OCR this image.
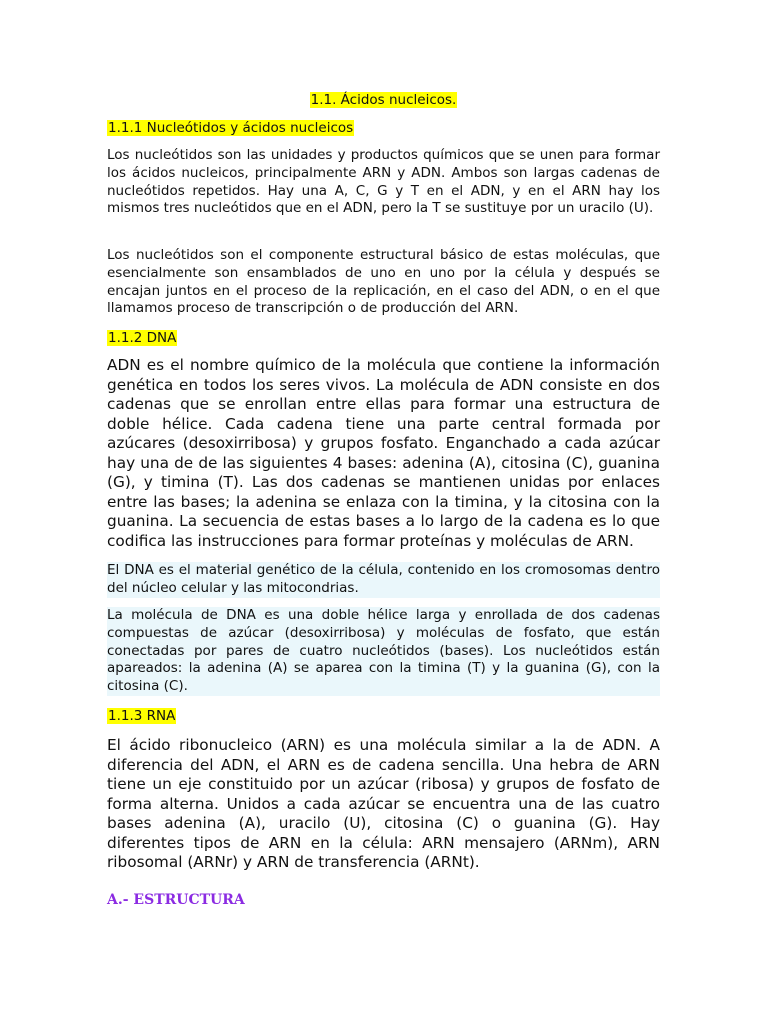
1.1. Ácidos nucleicos.
1.1.1 Nucleótidos y ácidos nucleicos

Los nucleótidos son las unidades y productos químicos que se unen para formar los ácidos nucleicos, principalmente ARN y ADN. Ambos son largas cadenas de nucleótidos repetidos. Hay una A, C, G y T en el ADN, y en el ARN hay los mismos tres nucleótidos que en el ADN, pero la T se sustituye por un uracilo (U).

Los nucleótidos son el componente estructural básico de estas moléculas, que esencialmente son ensamblados de uno en uno por la célula y después se encajan juntos en el proceso de la replicación, en el caso del ADN, o en el que llamamos proceso de transcripción o de producción del ARN.

1.1.2 DNA

ADN es el nombre químico de la molécula que contiene la información genética en todos los seres vivos. La molécula de ADN consiste en dos cadenas que se enrollan entre ellas para formar una estructura de doble hélice. Cada cadena tiene una parte central formada por azúcares (desoxirribosa) y grupos fosfato. Enganchado a cada azúcar hay una de de las siguientes 4 bases: adenina (A), citosina (C), guanina (G), y timina (T). Las dos cadenas se mantienen unidas por enlaces entre las bases; la adenina se enlaza con la timina, y la citosina con la guanina. La secuencia de estas bases a lo largo de la cadena es lo que codifica las instrucciones para formar proteínas y moléculas de ARN.

El DNA es el material genético de la célula, contenido en los cromosomas dentro del núcleo celular y las mitocondrias.

La molécula de DNA es una doble hélice larga y enrollada de dos cadenas compuestas de azúcar (desoxirribosa) y moléculas de fosfato, que están conectadas por pares de cuatro nucleótidos (bases). Los nucleótidos están apareados: la adenina (A) se aparea con la timina (T) y la guanina (G), con la citosina (C).

1.1.3 RNA

El ácido ribonucleico (ARN) es una molécula similar a la de ADN. A diferencia del ADN, el ARN es de cadena sencilla. Una hebra de ARN tiene un eje constituido por un azúcar (ribosa) y grupos de fosfato de forma alterna. Unidos a cada azúcar se encuentra una de las cuatro bases adenina (A), uracilo (U), citosina (C) o guanina (G). Hay diferentes tipos de ARN en la célula: ARN mensajero (ARNm), ARN ribosomal (ARNr) y ARN de transferencia (ARNt).

A.- ESTRUCTURA
